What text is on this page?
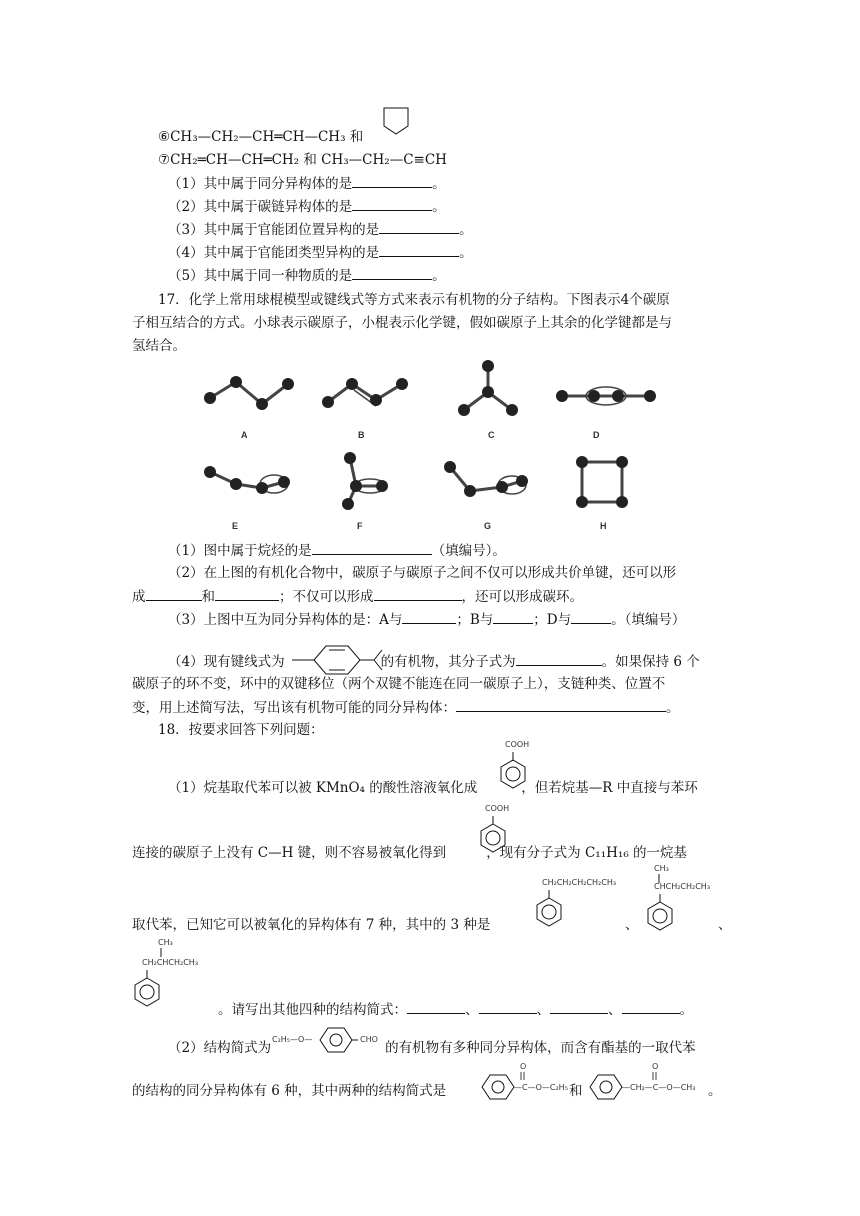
⑥CH₃—CH₂—CH═CH—CH₃ 和
⑦CH₂═CH—CH═CH₂ 和 CH₃—CH₂—C≡CH
（1）其中属于同分异构体的是	。
（2）其中属于碳链异构体的是	。
（3）其中属于官能团位置异构的是	。
（4）其中属于官能团类型异构的是	。
（5）其中属于同一种物质的是	。
17．化学上常用球棍模型或键线式等方式来表示有机物的分子结构。下图表示4个碳原
子相互结合的方式。小球表示碳原子，小棍表示化学键，假如碳原子上其余的化学键都是与
氢结合。
A	B	C	D
E	F	G	H
（1）图中属于烷烃的是	（填编号）。
（2）在上图的有机化合物中，碳原子与碳原子之间不仅可以形成共价单键，还可以形
成	和	；不仅可以形成	，还可以形成碳环。
（3）上图中互为同分异构体的是：A与	；B与	；D与	。（填编号）
（4）现有键线式为	的有机物，其分子式为	。如果保持 6 个
碳原子的环不变，环中的双键移位（两个双键不能连在同一碳原子上），支链种类、位置不
变，用上述简写法，写出该有机物可能的同分异构体：	。
18．按要求回答下列问题：
COOH
（1）烷基取代苯可以被 KMnO₄ 的酸性溶液氧化成	，但若烷基—R 中直接与苯环
COOH
连接的碳原子上没有 C—H 键，则不容易被氧化得到	，现有分子式为 C₁₁H₁₆ 的一烷基
CH₂CH₂CH₂CH₂CH₃
CH₃
CHCH₂CH₂CH₃
取代苯，已知它可以被氧化的异构体有 7 种，其中的 3 种是	、	、
CH₃
CH₂CHCH₂CH₃
。请写出其他四种的结构简式：	、	、	、	。
C₂H₅—O—	CHO
（2）结构简式为	的有机物有多种同分异构体，而含有酯基的一取代苯
O
—C—O—C₂H₅
O
—CH₂—C—O—CH₃
的结构的同分异构体有 6 种，其中两种的结构简式是	和	。
